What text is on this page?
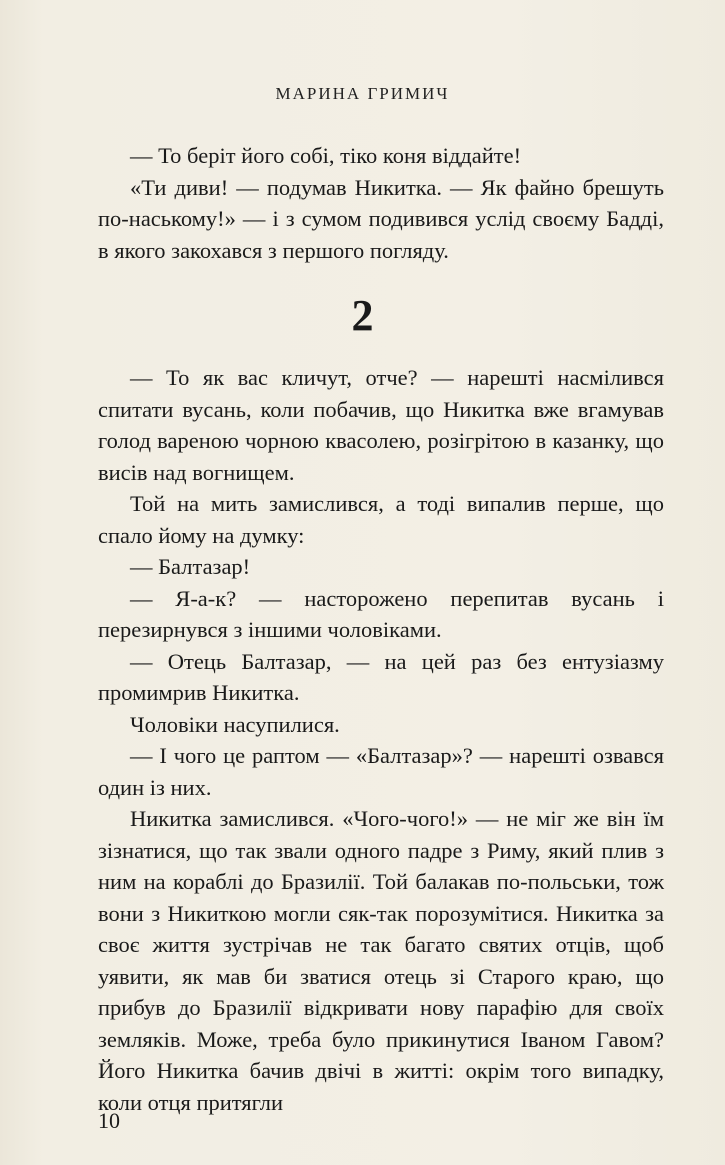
МАРИНА ГРИМИЧ

— То беріт його собі, тіко коня віддайте!

«Ти диви! — подумав Никитка. — Як файно брешуть по-наському!» — і з сумом подивився услід своєму Бадді, в якого закохався з першого погляду.

2

— То як вас кличут, отче? — нарешті насмілився спитати вусань, коли побачив, що Никитка вже вгамував голод вареною чорною квасолею, розігрітою в казанку, що висів над вогнищем.

Той на мить замислився, а тоді випалив перше, що спало йому на думку:

— Балтазар!

— Я-а-к? — насторожено перепитав вусань і перезирнувся з іншими чоловіками.

— Отець Балтазар, — на цей раз без ентузіазму промимрив Никитка.

Чоловіки насупилися.

— І чого це раптом — «Балтазар»? — нарешті озвався один із них.

Никитка замислився. «Чого-чого!» — не міг же він їм зізнатися, що так звали одного падре з Риму, який плив з ним на кораблі до Бразилії. Той балакав по-польськи, тож вони з Никиткою могли сяк-так порозумітися. Никитка за своє життя зустрічав не так багато святих отців, щоб уявити, як мав би зватися отець зі Старого краю, що прибув до Бразилії відкривати нову парафію для своїх земляків. Може, треба було прикинутися Іваном Гавом? Його Никитка бачив двічі в житті: окрім того випадку, коли отця притягли

10
